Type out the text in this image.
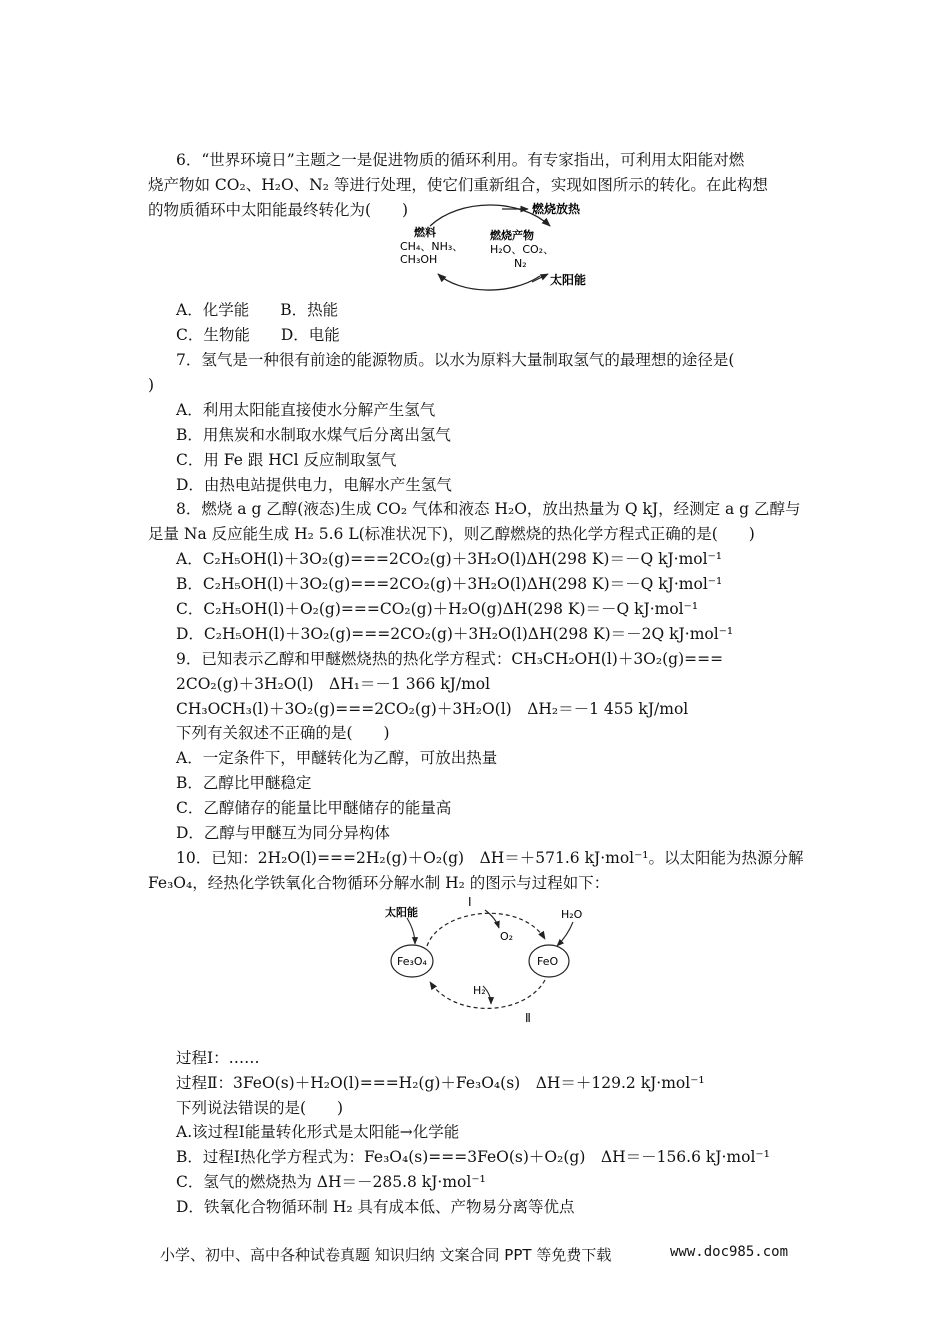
6．“世界环境日”主题之一是促进物质的循环利用。有专家指出，可利用太阳能对燃
烧产物如 CO₂、H₂O、N₂ 等进行处理，使它们重新组合，实现如图所示的转化。在此构想
的物质循环中太阳能最终转化为(　　)	燃烧放热
燃料
CH₄、NH₃、
CH₃OH
燃烧产物
H₂O、CO₂、
N₂
太阳能
A．化学能　　B．热能
C．生物能　　D．电能
7．氢气是一种很有前途的能源物质。以水为原料大量制取氢气的最理想的途径是(
)
A．利用太阳能直接使水分解产生氢气
B．用焦炭和水制取水煤气后分离出氢气
C．用 Fe 跟 HCl 反应制取氢气
D．由热电站提供电力，电解水产生氢气
8．燃烧 a g 乙醇(液态)生成 CO₂ 气体和液态 H₂O，放出热量为 Q kJ，经测定 a g 乙醇与
足量 Na 反应能生成 H₂ 5.6 L(标准状况下)，则乙醇燃烧的热化学方程式正确的是(　　)
A．C₂H₅OH(l)＋3O₂(g)===2CO₂(g)＋3H₂O(l)ΔH(298 K)＝－Q kJ·mol⁻¹
B．C₂H₅OH(l)＋3O₂(g)===2CO₂(g)＋3H₂O(l)ΔH(298 K)＝－Q kJ·mol⁻¹
C．C₂H₅OH(l)＋O₂(g)===CO₂(g)＋H₂O(g)ΔH(298 K)＝－Q kJ·mol⁻¹
D．C₂H₅OH(l)＋3O₂(g)===2CO₂(g)＋3H₂O(l)ΔH(298 K)＝－2Q kJ·mol⁻¹
9．已知表示乙醇和甲醚燃烧热的热化学方程式：CH₃CH₂OH(l)＋3O₂(g)===
2CO₂(g)＋3H₂O(l)　ΔH₁＝－1 366 kJ/mol
CH₃OCH₃(l)＋3O₂(g)===2CO₂(g)＋3H₂O(l)　ΔH₂＝－1 455 kJ/mol
下列有关叙述不正确的是(　　)
A．一定条件下，甲醚转化为乙醇，可放出热量
B．乙醇比甲醚稳定
C．乙醇储存的能量比甲醚储存的能量高
D．乙醇与甲醚互为同分异构体
10．已知：2H₂O(l)===2H₂(g)＋O₂(g)　ΔH＝＋571.6 kJ·mol⁻¹。以太阳能为热源分解
Fe₃O₄，经热化学铁氧化合物循环分解水制 H₂ 的图示与过程如下：
Fe₃O₄	FeO
太阳能
Ⅰ
Ⅱ
O₂
H₂O
H₂
过程Ⅰ：……
过程Ⅱ：3FeO(s)＋H₂O(l)===H₂(g)＋Fe₃O₄(s)　ΔH＝＋129.2 kJ·mol⁻¹
下列说法错误的是(　　)
A.该过程Ⅰ能量转化形式是太阳能→化学能
B．过程Ⅰ热化学方程式为：Fe₃O₄(s)===3FeO(s)＋O₂(g)　ΔH＝－156.6 kJ·mol⁻¹
C．氢气的燃烧热为 ΔH＝－285.8 kJ·mol⁻¹
D．铁氧化合物循环制 H₂ 具有成本低、产物易分离等优点
小学、初中、高中各种试卷真题 知识归纳 文案合同 PPT 等免费下载	www.doc985.com
